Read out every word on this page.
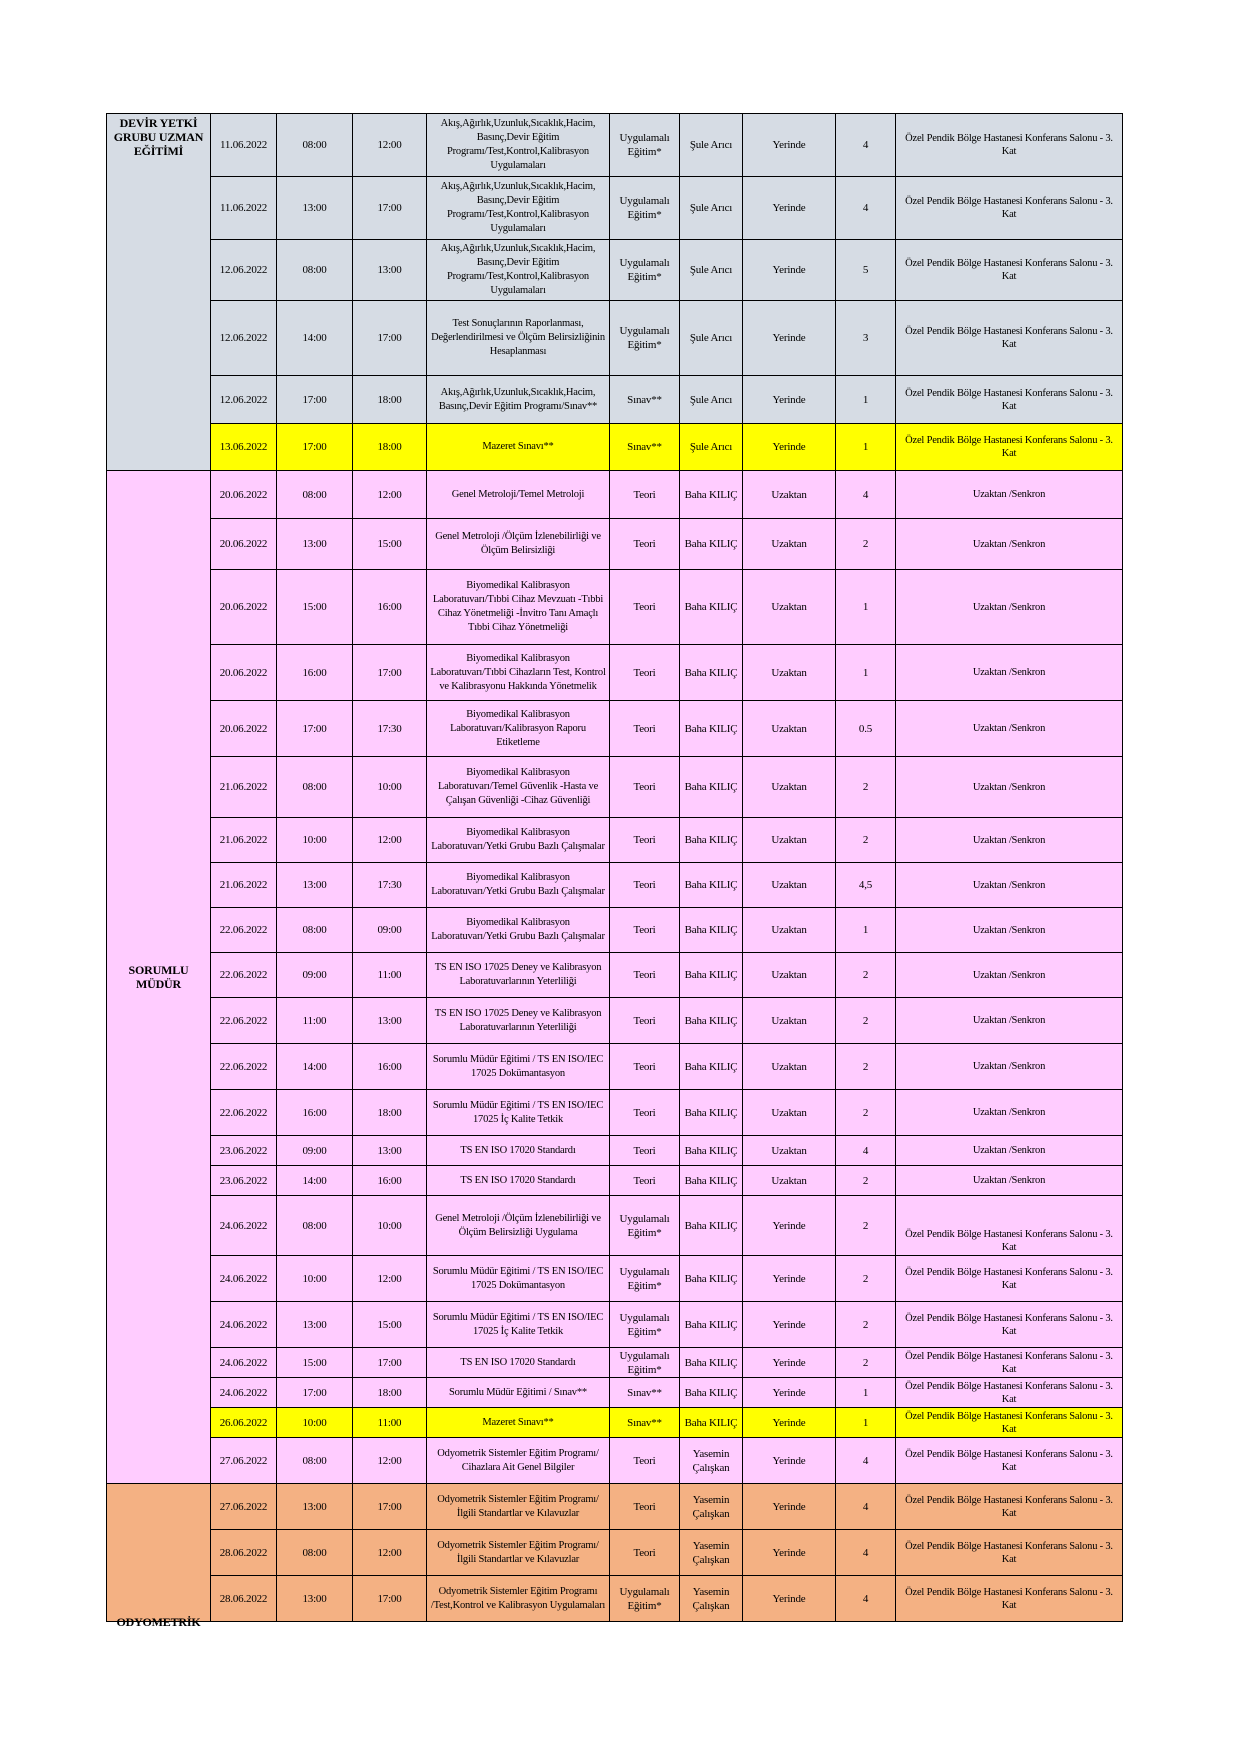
DEVİR YETKİ GRUBU UZMAN EĞİTİMİ	11.06.2022	08:00	12:00	Akış,Ağırlık,Uzunluk,Sıcaklık,Hacim, Basınç,Devir Eğitim Programı/Test,Kontrol,Kalibrasyon Uygulamaları	Uygulamalı Eğitim*	Şule Arıcı	Yerinde	4	Özel Pendik Bölge Hastanesi Konferans Salonu - 3. Kat
	11.06.2022	13:00	17:00	Akış,Ağırlık,Uzunluk,Sıcaklık,Hacim, Basınç,Devir Eğitim Programı/Test,Kontrol,Kalibrasyon Uygulamaları	Uygulamalı Eğitim*	Şule Arıcı	Yerinde	4	Özel Pendik Bölge Hastanesi Konferans Salonu - 3. Kat
	12.06.2022	08:00	13:00	Akış,Ağırlık,Uzunluk,Sıcaklık,Hacim, Basınç,Devir Eğitim Programı/Test,Kontrol,Kalibrasyon Uygulamaları	Uygulamalı Eğitim*	Şule Arıcı	Yerinde	5	Özel Pendik Bölge Hastanesi Konferans Salonu - 3. Kat
	12.06.2022	14:00	17:00	Test Sonuçlarının Raporlanması, Değerlendirilmesi ve Ölçüm Belirsizliğinin Hesaplanması	Uygulamalı Eğitim*	Şule Arıcı	Yerinde	3	Özel Pendik Bölge Hastanesi Konferans Salonu - 3. Kat
	12.06.2022	17:00	18:00	Akış,Ağırlık,Uzunluk,Sıcaklık,Hacim, Basınç,Devir Eğitim Programı/Sınav**	Sınav**	Şule Arıcı	Yerinde	1	Özel Pendik Bölge Hastanesi Konferans Salonu - 3. Kat
	13.06.2022	17:00	18:00	Mazeret Sınavı**	Sınav**	Şule Arıcı	Yerinde	1	Özel Pendik Bölge Hastanesi Konferans Salonu - 3. Kat
SORUMLU MÜDÜR	20.06.2022	08:00	12:00	Genel Metroloji/Temel Metroloji	Teori	Baha KILIÇ	Uzaktan	4	Uzaktan /Senkron
	20.06.2022	13:00	15:00	Genel Metroloji /Ölçüm İzlenebilirliği ve Ölçüm Belirsizliği	Teori	Baha KILIÇ	Uzaktan	2	Uzaktan /Senkron
	20.06.2022	15:00	16:00	Biyomedikal Kalibrasyon Laboratuvarı/Tıbbi Cihaz Mevzuatı -Tıbbi Cihaz Yönetmeliği -İnvitro Tanı Amaçlı Tıbbi Cihaz Yönetmeliği	Teori	Baha KILIÇ	Uzaktan	1	Uzaktan /Senkron
	20.06.2022	16:00	17:00	Biyomedikal Kalibrasyon Laboratuvarı/Tıbbi Cihazların Test, Kontrol ve Kalibrasyonu Hakkında Yönetmelik	Teori	Baha KILIÇ	Uzaktan	1	Uzaktan /Senkron
	20.06.2022	17:00	17:30	Biyomedikal Kalibrasyon Laboratuvarı/Kalibrasyon Raporu Etiketleme	Teori	Baha KILIÇ	Uzaktan	0.5	Uzaktan /Senkron
	21.06.2022	08:00	10:00	Biyomedikal Kalibrasyon Laboratuvarı/Temel Güvenlik -Hasta ve Çalışan Güvenliği -Cihaz Güvenliği	Teori	Baha KILIÇ	Uzaktan	2	Uzaktan /Senkron
	21.06.2022	10:00	12:00	Biyomedikal Kalibrasyon Laboratuvarı/Yetki Grubu Bazlı Çalışmalar	Teori	Baha KILIÇ	Uzaktan	2	Uzaktan /Senkron
	21.06.2022	13:00	17:30	Biyomedikal Kalibrasyon Laboratuvarı/Yetki Grubu Bazlı Çalışmalar	Teori	Baha KILIÇ	Uzaktan	4,5	Uzaktan /Senkron
	22.06.2022	08:00	09:00	Biyomedikal Kalibrasyon Laboratuvarı/Yetki Grubu Bazlı Çalışmalar	Teori	Baha KILIÇ	Uzaktan	1	Uzaktan /Senkron
	22.06.2022	09:00	11:00	TS EN ISO 17025 Deney ve Kalibrasyon Laboratuvarlarının Yeterliliği	Teori	Baha KILIÇ	Uzaktan	2	Uzaktan /Senkron
	22.06.2022	11:00	13:00	TS EN ISO 17025 Deney ve Kalibrasyon Laboratuvarlarının Yeterliliği	Teori	Baha KILIÇ	Uzaktan	2	Uzaktan /Senkron
	22.06.2022	14:00	16:00	Sorumlu Müdür Eğitimi / TS EN ISO/IEC 17025 Dokümantasyon	Teori	Baha KILIÇ	Uzaktan	2	Uzaktan /Senkron
	22.06.2022	16:00	18:00	Sorumlu Müdür Eğitimi / TS EN ISO/IEC 17025 İç Kalite Tetkik	Teori	Baha KILIÇ	Uzaktan	2	Uzaktan /Senkron
	23.06.2022	09:00	13:00	TS EN ISO 17020 Standardı	Teori	Baha KILIÇ	Uzaktan	4	Uzaktan /Senkron
	23.06.2022	14:00	16:00	TS EN ISO 17020 Standardı	Teori	Baha KILIÇ	Uzaktan	2	Uzaktan /Senkron
	24.06.2022	08:00	10:00	Genel Metroloji /Ölçüm İzlenebilirliği ve Ölçüm Belirsizliği Uygulama	Uygulamalı Eğitim*	Baha KILIÇ	Yerinde	2	Özel Pendik Bölge Hastanesi Konferans Salonu - 3. Kat
	24.06.2022	10:00	12:00	Sorumlu Müdür Eğitimi / TS EN ISO/IEC 17025 Dokümantasyon	Uygulamalı Eğitim*	Baha KILIÇ	Yerinde	2	Özel Pendik Bölge Hastanesi Konferans Salonu - 3. Kat
	24.06.2022	13:00	15:00	Sorumlu Müdür Eğitimi / TS EN ISO/IEC 17025 İç Kalite Tetkik	Uygulamalı Eğitim*	Baha KILIÇ	Yerinde	2	Özel Pendik Bölge Hastanesi Konferans Salonu - 3. Kat
	24.06.2022	15:00	17:00	TS EN ISO 17020 Standardı	Uygulamalı Eğitim*	Baha KILIÇ	Yerinde	2	Özel Pendik Bölge Hastanesi Konferans Salonu - 3. Kat
	24.06.2022	17:00	18:00	Sorumlu Müdür Eğitimi / Sınav**	Sınav**	Baha KILIÇ	Yerinde	1	Özel Pendik Bölge Hastanesi Konferans Salonu - 3. Kat
	26.06.2022	10:00	11:00	Mazeret Sınavı**	Sınav**	Baha KILIÇ	Yerinde	1	Özel Pendik Bölge Hastanesi Konferans Salonu - 3. Kat
	27.06.2022	08:00	12:00	Odyometrik Sistemler Eğitim Programı/ Cihazlara Ait Genel Bilgiler	Teori	Yasemin Çalışkan	Yerinde	4	Özel Pendik Bölge Hastanesi Konferans Salonu - 3. Kat

ODYOMETRİK	27.06.2022	13:00	17:00	Odyometrik Sistemler Eğitim Programı/ İlgili Standartlar ve Kılavuzlar	Teori	Yasemin Çalışkan	Yerinde	4	Özel Pendik Bölge Hastanesi Konferans Salonu - 3. Kat
	28.06.2022	08:00	12:00	Odyometrik Sistemler Eğitim Programı/ İlgili Standartlar ve Kılavuzlar	Teori	Yasemin Çalışkan	Yerinde	4	Özel Pendik Bölge Hastanesi Konferans Salonu - 3. Kat
	28.06.2022	13:00	17:00	Odyometrik Sistemler Eğitim Programı /Test,Kontrol ve Kalibrasyon Uygulamaları	Uygulamalı Eğitim*	Yasemin Çalışkan	Yerinde	4	Özel Pendik Bölge Hastanesi Konferans Salonu - 3. Kat
